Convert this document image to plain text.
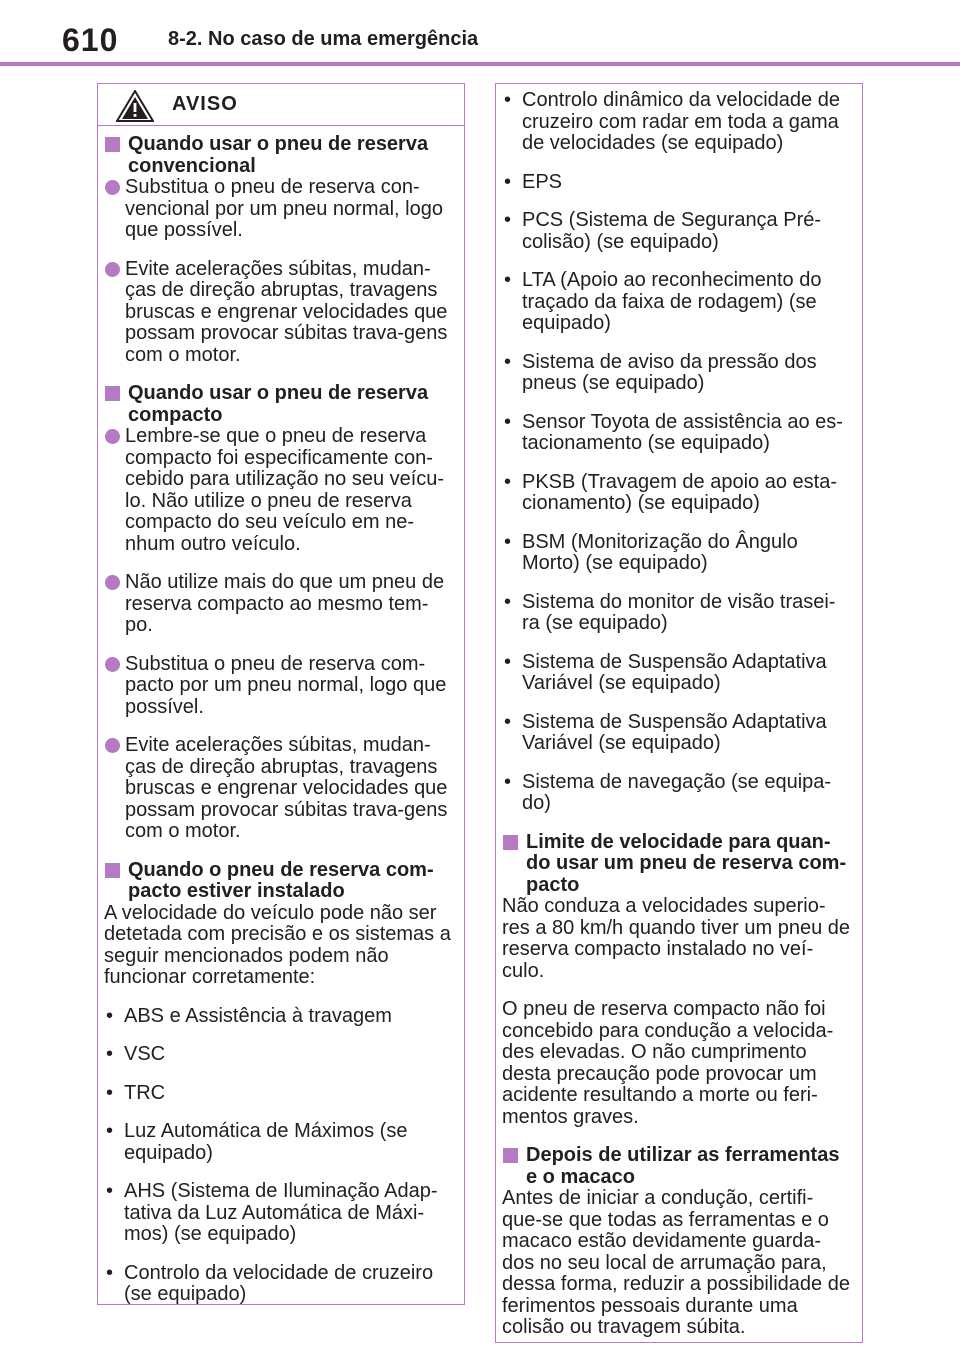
610 8-2. No caso de uma emergência
AVISO
Quando usar o pneu de reserva convencional
Substitua o pneu de reserva con-vencional por um pneu normal, logo que possível.
Evite acelerações súbitas, mudan-ças de direção abruptas, travagens bruscas e engrenar velocidades que possam provocar súbitas trava-gens com o motor.
Quando usar o pneu de reserva compacto
Lembre-se que o pneu de reserva compacto foi especificamente con-cebido para utilização no seu veícu-lo. Não utilize o pneu de reserva compacto do seu veículo em ne-nhum outro veículo.
Não utilize mais do que um pneu de reserva compacto ao mesmo tem-po.
Substitua o pneu de reserva com-pacto por um pneu normal, logo que possível.
Evite acelerações súbitas, mudan-ças de direção abruptas, travagens bruscas e engrenar velocidades que possam provocar súbitas trava-gens com o motor.
Quando o pneu de reserva com-pacto estiver instalado
A velocidade do veículo pode não ser detetada com precisão e os sistemas a seguir mencionados podem não funcionar corretamente:
• ABS e Assistência à travagem
• VSC
• TRC
• Luz Automática de Máximos (se equipado)
• AHS (Sistema de Iluminação Adap-tativa da Luz Automática de Máxi-mos) (se equipado)
• Controlo da velocidade de cruzeiro (se equipado)
• Controlo dinâmico da velocidade de cruzeiro com radar em toda a gama de velocidades (se equipado)
• EPS
• PCS (Sistema de Segurança Pré-colisão) (se equipado)
• LTA (Apoio ao reconhecimento do traçado da faixa de rodagem) (se equipado)
• Sistema de aviso da pressão dos pneus (se equipado)
• Sensor Toyota de assistência ao es-tacionamento (se equipado)
• PKSB (Travagem de apoio ao esta-cionamento) (se equipado)
• BSM (Monitorização do Ângulo Morto) (se equipado)
• Sistema do monitor de visão trasei-ra (se equipado)
• Sistema de Suspensão Adaptativa Variável (se equipado)
• Sistema de Suspensão Adaptativa Variável (se equipado)
• Sistema de navegação (se equipa-do)
Limite de velocidade para quan-do usar um pneu de reserva com-pacto
Não conduza a velocidades superio-res a 80 km/h quando tiver um pneu de reserva compacto instalado no veí-culo.
O pneu de reserva compacto não foi concebido para condução a velocida-des elevadas. O não cumprimento desta precaução pode provocar um acidente resultando a morte ou feri-mentos graves.
Depois de utilizar as ferramentas e o macaco
Antes de iniciar a condução, certifi-que-se que todas as ferramentas e o macaco estão devidamente guarda-dos no seu local de arrumação para, dessa forma, reduzir a possibilidade de ferimentos pessoais durante uma colisão ou travagem súbita.
